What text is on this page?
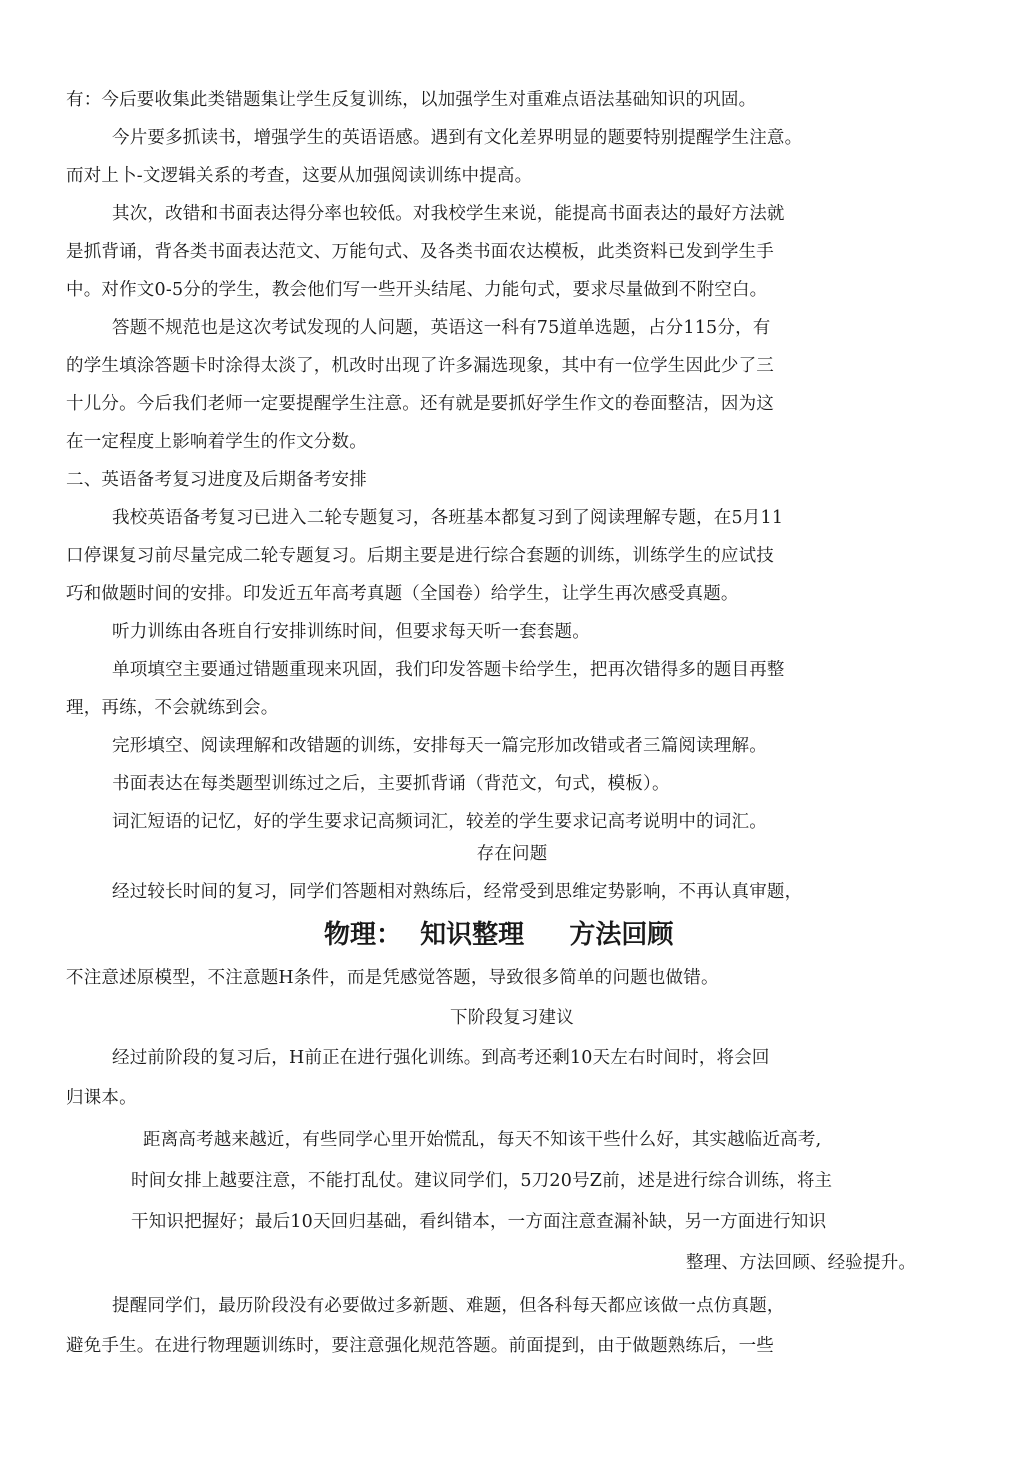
有：今后要收集此类错题集让学生反复训练，以加强学生对重难点语法基础知识的巩固。

今片要多抓读书，增强学生的英语语感。遇到有文化差界明显的题要特别提醒学生注意。

而对上卜-文逻辑关系的考查，这要从加强阅读训练中提高。

其次，改错和书面表达得分率也较低。对我校学生来说，能提高书面表达的最好方法就

是抓背诵，背各类书面表达范文、万能句式、及各类书面农达模板，此类资料已发到学生手

中。对作文0-5分的学生，教会他们写一些开头结尾、力能句式，要求尽量做到不附空白。

答题不规范也是这次考试发现的人问题，英语这一科有75道单选题，占分115分，有

的学生填涂答题卡时涂得太淡了，机改时出现了许多漏选现象，其中有一位学生因此少了三

十儿分。今后我们老师一定要提醒学生注意。还有就是要抓好学生作文的卷面整洁，因为这

在一定程度上影响着学生的作文分数。

二、英语备考复习进度及后期备考安排

我校英语备考复习已进入二轮专题复习，各班基本都复习到了阅读理解专题，在5月11

口停课复习前尽量完成二轮专题复习。后期主要是进行综合套题的训练，训练学生的应试技

巧和做题时间的安排。印发近五年高考真题（全国卷）给学生，让学生再次感受真题。

听力训练由各班自行安排训练时间，但要求每天听一套套题。

单项填空主要通过错题重现来巩固，我们印发答题卡给学生，把再次错得多的题目再整

理，再练，不会就练到会。

完形填空、阅读理解和改错题的训练，安排每天一篇完形加改错或者三篇阅读理解。

书面表达在每类题型训练过之后，主要抓背诵（背范文，句式，模板）。

词汇短语的记忆，好的学生要求记高频词汇，较差的学生要求记高考说明中的词汇。

存在问题

经过较长时间的复习，同学们答题相对熟练后，经常受到思维定势影响，不再认真审题，

物理：  知识整理     方法回顾

不注意述原模型，不注意题H条件，而是凭感觉答题，导致很多简单的问题也做错。

下阶段复习建议

经过前阶段的复习后，H前正在进行强化训练。到高考还剩10天左右时间时，将会回

归课本。

距离高考越来越近，有些同学心里开始慌乱，每天不知该干些什么好，其实越临近高考,

时间女排上越要注意，不能打乱仗。建议同学们，5刀20号Z前，述是进行综合训练，将主

干知识把握好；最后10天回归基础，看纠错本，一方面注意查漏补缺，另一方面进行知识

整理、方法回顾、经验提升。

提醒同学们，最历阶段没有必要做过多新题、难题，但各科每天都应该做一点仿真题，

避免手生。在进行物理题训练时，要注意强化规范答题。前面提到，由于做题熟练后，一些
